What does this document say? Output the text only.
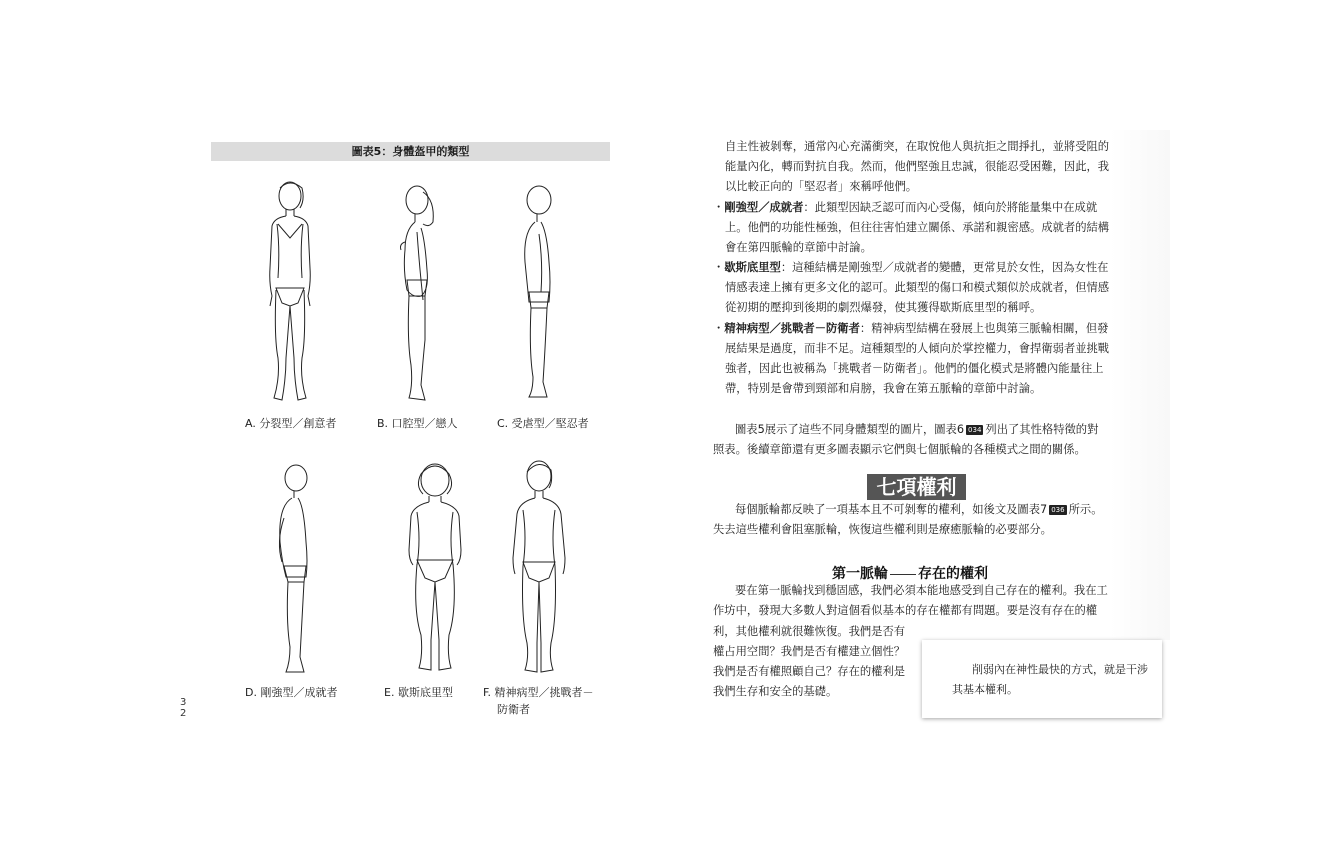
圖表5：身體盔甲的類型
A. 分裂型／創意者	B. 口腔型／戀人	C. 受虐型／堅忍者
D. 剛強型／成就者	E. 歇斯底里型	F. 精神病型／挑戰者－
防衛者
3
2
自主性被剝奪，通常內心充滿衝突，在取悅他人與抗拒之間掙扎，並將受阻的
能量內化，轉而對抗自我。然而，他們堅強且忠誠，很能忍受困難，因此，我
以比較正向的「堅忍者」來稱呼他們。
・剛強型／成就者：此類型因缺乏認可而內心受傷，傾向於將能量集中在成就
上。他們的功能性極強，但往往害怕建立關係、承諾和親密感。成就者的結構
會在第四脈輪的章節中討論。
・歇斯底里型：這種結構是剛強型／成就者的變體，更常見於女性，因為女性在
情感表達上擁有更多文化的認可。此類型的傷口和模式類似於成就者，但情感
從初期的壓抑到後期的劇烈爆發，使其獲得歇斯底里型的稱呼。
・精神病型／挑戰者－防衛者：精神病型結構在發展上也與第三脈輪相關，但發
展結果是過度，而非不足。這種類型的人傾向於掌控權力，會捍衛弱者並挑戰
強者，因此也被稱為「挑戰者－防衛者」。他們的僵化模式是將體內能量往上
帶，特別是會帶到頸部和肩膀，我會在第五脈輪的章節中討論。
圖表5展示了這些不同身體類型的圖片，圖表6 034 列出了其性格特徵的對
照表。後續章節還有更多圖表顯示它們與七個脈輪的各種模式之間的關係。
每個脈輪都反映了一項基本且不可剝奪的權利，如後文及圖表7 036 所示。
失去這些權利會阻塞脈輪，恢復這些權利則是療癒脈輪的必要部分。
要在第一脈輪找到穩固感，我們必須本能地感受到自己存在的權利。我在工
作坊中，發現大多數人對這個看似基本的存在權都有問題。要是沒有存在的權
利，其他權利就很難恢復。我們是否有
權占用空間？我們是否有權建立個性？
我們是否有權照顧自己？存在的權利是
我們生存和安全的基礎。
七項權利
第一脈輪 存在的權利
削弱內在神性最快的方式，就是干涉
其基本權利。
